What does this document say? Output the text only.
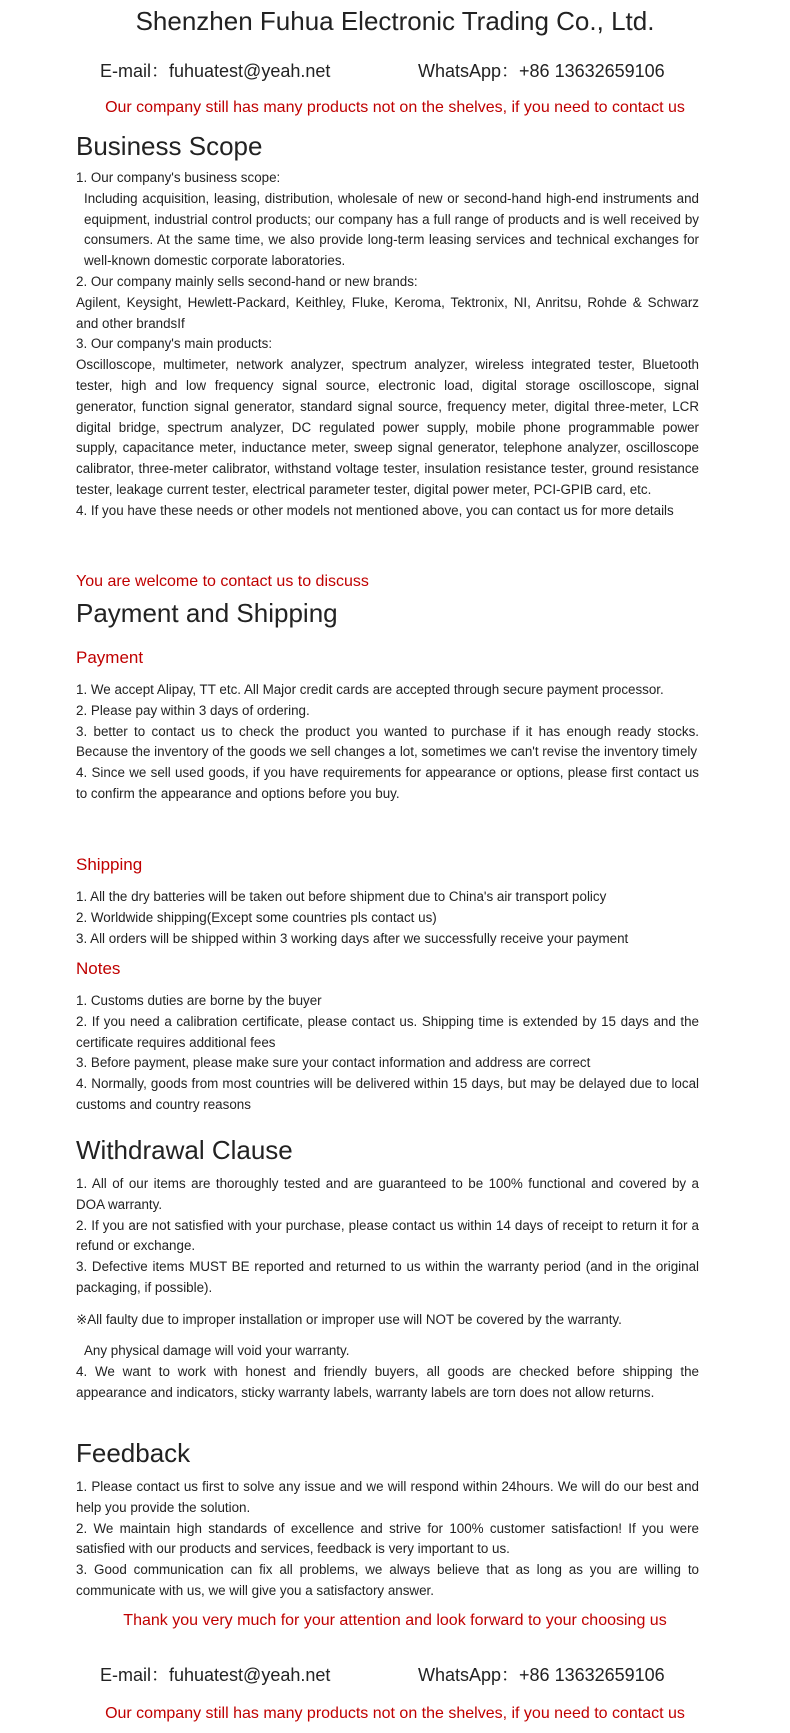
Shenzhen Fuhua Electronic Trading Co., Ltd.
E-mail：fuhuatest@yeah.net	WhatsApp：+86 13632659106
Our company still has many products not on the shelves, if you need to contact us
Business Scope

1. Our company's business scope:

Including acquisition, leasing, distribution, wholesale of new or second-hand high-end instruments and equipment, industrial control products; our company has a full range of products and is well received by consumers. At the same time, we also provide long-term leasing services and technical exchanges for well-known domestic corporate laboratories.

2. Our company mainly sells second-hand or new brands:

Agilent, Keysight, Hewlett-Packard, Keithley, Fluke, Keroma, Tektronix, NI, Anritsu, Rohde & Schwarz and other brandsIf

3. Our company's main products:

Oscilloscope, multimeter, network analyzer, spectrum analyzer, wireless integrated tester, Bluetooth tester, high and low frequency signal source, electronic load, digital storage oscilloscope, signal generator, function signal generator, standard signal source, frequency meter, digital three-meter, LCR digital bridge, spectrum analyzer, DC regulated power supply, mobile phone programmable power supply, capacitance meter, inductance meter, sweep signal generator, telephone analyzer, oscilloscope calibrator, three-meter calibrator, withstand voltage tester, insulation resistance tester, ground resistance tester, leakage current tester, electrical parameter tester, digital power meter, PCI-GPIB card, etc.

4. If you have these needs or other models not mentioned above, you can contact us for more details

You are welcome to contact us to discuss
Payment and Shipping
Payment

1. We accept Alipay, TT etc. All Major credit cards are accepted through secure payment processor.

2. Please pay within 3 days of ordering.

3. better to contact us to check the product you wanted to purchase if it has enough ready stocks. Because the inventory of the goods we sell changes a lot, sometimes we can't revise the inventory timely

4. Since we sell used goods, if you have requirements for appearance or options, please first contact us to confirm the appearance and options before you buy.

Shipping

1. All the dry batteries will be taken out before shipment due to China's air transport policy

2. Worldwide shipping(Except some countries pls contact us)

3. All orders will be shipped within 3 working days after we successfully receive your payment

Notes

1. Customs duties are borne by the buyer

2. If you need a calibration certificate, please contact us. Shipping time is extended by 15 days and the certificate requires additional fees

3. Before payment, please make sure your contact information and address are correct

4. Normally, goods from most countries will be delivered within 15 days, but may be delayed due to local customs and country reasons

Withdrawal Clause

1. All of our items are thoroughly tested and are guaranteed to be 100% functional and covered by a DOA warranty.

2. If you are not satisfied with your purchase, please contact us within 14 days of receipt to return it for a refund or exchange.

3. Defective items MUST BE reported and returned to us within the warranty period (and in the original packaging, if possible).

※All faulty due to improper installation or improper use will NOT be covered by the warranty.

Any physical damage will void your warranty.

4. We want to work with honest and friendly buyers, all goods are checked before shipping the appearance and indicators, sticky warranty labels, warranty labels are torn does not allow returns.

Feedback

1. Please contact us first to solve any issue and we will respond within 24hours. We will do our best and help you provide the solution.

2. We maintain high standards of excellence and strive for 100% customer satisfaction! If you were satisfied with our products and services, feedback is very important to us.

3. Good communication can fix all problems, we always believe that as long as you are willing to communicate with us, we will give you a satisfactory answer.

Thank you very much for your attention and look forward to your choosing us
E-mail：fuhuatest@yeah.net	WhatsApp：+86 13632659106
Our company still has many products not on the shelves, if you need to contact us
